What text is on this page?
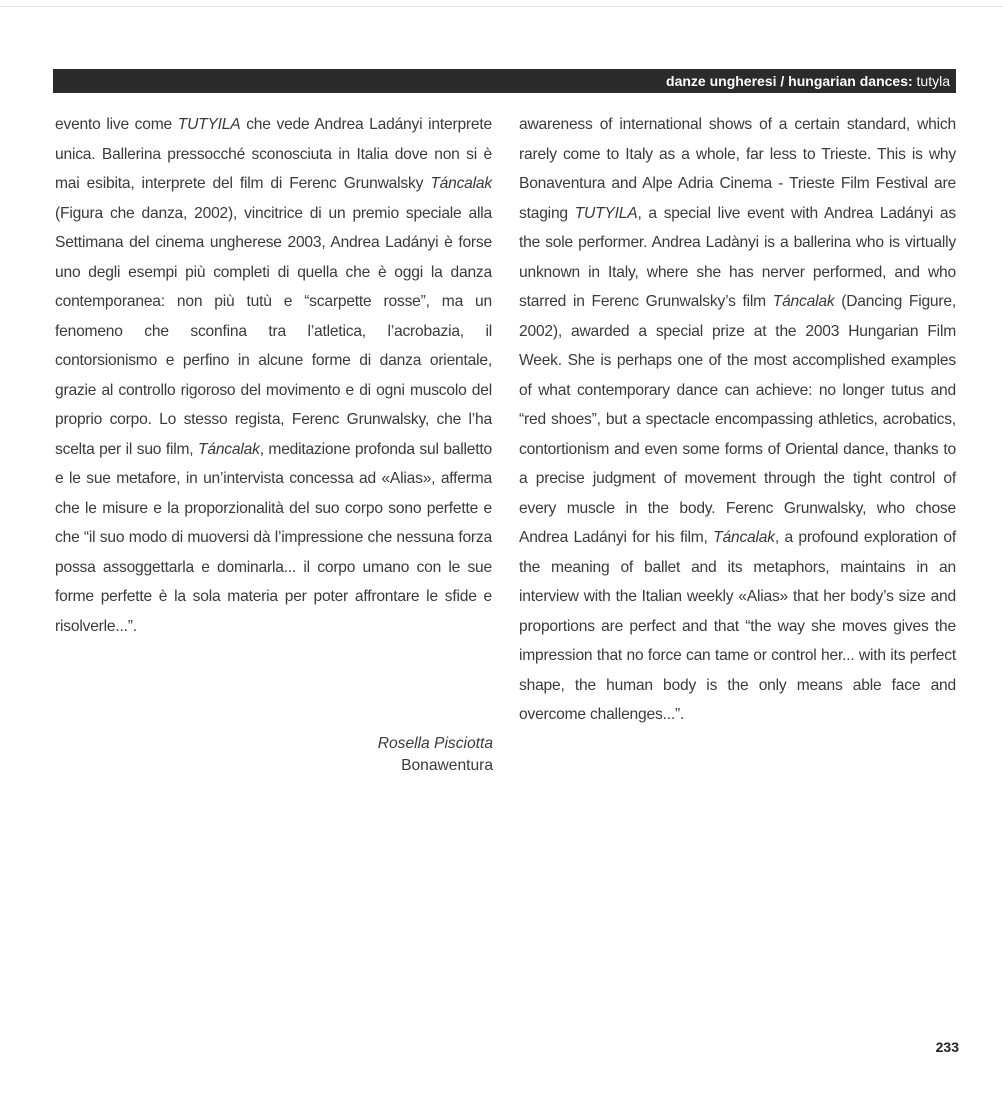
danze ungheresi / hungarian dances: tutyla

evento live come TUTYILA che vede Andrea Ladányi interprete unica. Ballerina pressocché sconosciuta in Italia dove non si è mai esibita, interprete del film di Ferenc Grunwalsky Táncalak (Figura che danza, 2002), vincitrice di un premio speciale alla Settimana del cinema ungherese 2003, Andrea Ladányi è forse uno degli esempi più completi di quella che è oggi la danza contemporanea: non più tutù e “scarpette rosse”, ma un fenomeno che sconfina tra l’atletica, l’acrobazia, il contorsionismo e perfino in alcune forme di danza orientale, grazie al controllo rigoroso del movimento e di ogni muscolo del proprio corpo. Lo stesso regista, Ferenc Grunwalsky, che l’ha scelta per il suo film, Táncalak, meditazione profonda sul balletto e le sue metafore, in un’intervista concessa ad «Alias», afferma che le misure e la proporzionalità del suo corpo sono perfette e che “il suo modo di muoversi dà l’impressione che nessuna forza possa assoggettarla e dominarla... il corpo umano con le sue forme perfette è la sola materia per poter affrontare le sfide e risolverle...”.

awareness of international shows of a certain standard, which rarely come to Italy as a whole, far less to Trieste. This is why Bonaventura and Alpe Adria Cinema - Trieste Film Festival are staging TUTYILA, a special live event with Andrea Ladányi as the sole performer. Andrea Ladànyi is a ballerina who is virtually unknown in Italy, where she has nerver performed, and who starred in Ferenc Grunwalsky’s film Táncalak (Dancing Figure, 2002), awarded a special prize at the 2003 Hungarian Film Week. She is perhaps one of the most accomplished examples of what contemporary dance can achieve: no longer tutus and “red shoes”, but a spectacle encompassing athletics, acrobatics, contortionism and even some forms of Oriental dance, thanks to a precise judgment of movement through the tight control of every muscle in the body. Ferenc Grunwalsky, who chose Andrea Ladányi for his film, Táncalak, a profound exploration of the meaning of ballet and its metaphors, maintains in an interview with the Italian weekly «Alias» that her body’s size and proportions are perfect and that “the way she moves gives the impression that no force can tame or control her... with its perfect shape, the human body is the only means able face and overcome challenges...”.

Rosella Pisciotta
Bonawentura
233
